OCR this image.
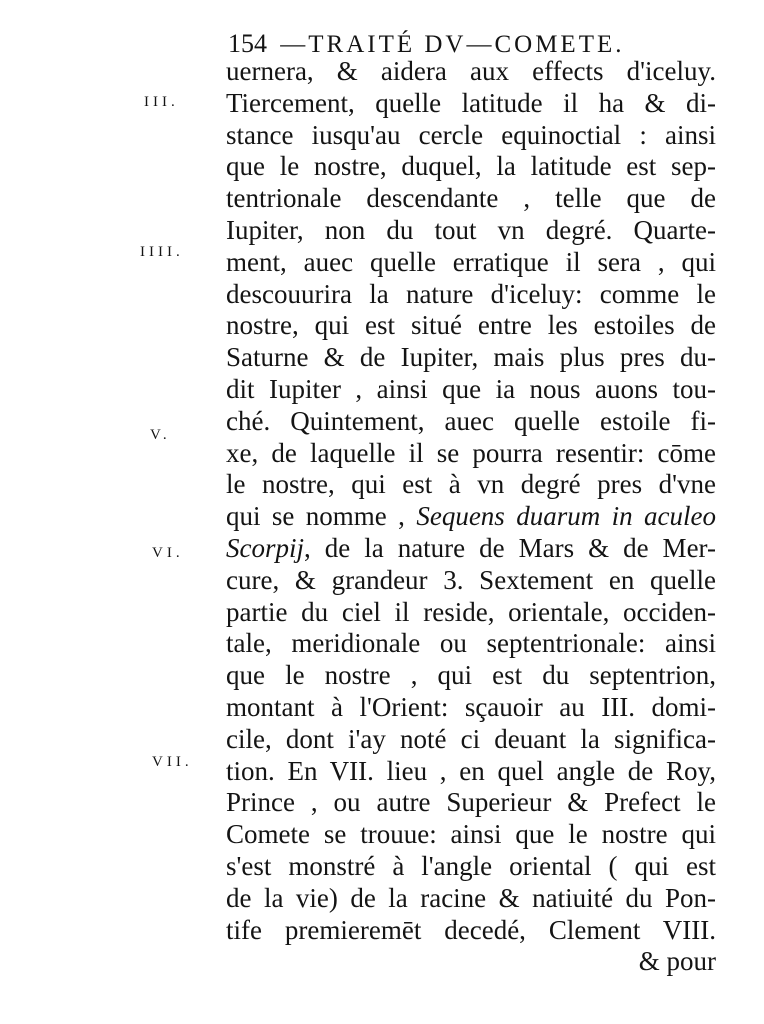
154 —TRAITÉ DV—COMETE.
III.
IIII.
V.
VI.
VII.
uernera, & aidera aux effects d'iceluy.
Tiercement, quelle latitude il ha & di-
stance iusqu'au cercle equinoctial : ainsi
que le nostre, duquel, la latitude est sep-
tentrionale descendante , telle que de
Iupiter, non du tout vn degré. Quarte-
ment, auec quelle erratique il sera , qui
descouurira la nature d'iceluy: comme le
nostre, qui est situé entre les estoiles de
Saturne & de Iupiter, mais plus pres du-
dit Iupiter , ainsi que ia nous auons tou-
ché. Quintement, auec quelle estoile fi-
xe, de laquelle il se pourra resentir: cōme
le nostre, qui est à vn degré pres d'vne
qui se nomme , Sequens duarum in aculeo
Scorpij, de la nature de Mars & de Mer-
cure, & grandeur 3. Sextement en quelle
partie du ciel il reside, orientale, occiden-
tale, meridionale ou septentrionale: ainsi
que le nostre , qui est du septentrion,
montant à l'Orient: sçauoir au III. domi-
cile, dont i'ay noté ci deuant la significa-
tion. En VII. lieu , en quel angle de Roy,
Prince , ou autre Superieur & Prefect le
Comete se trouue: ainsi que le nostre qui
s'est monstré à l'angle oriental ( qui est
de la vie) de la racine & natiuité du Pon-
tife premieremēt decedé, Clement VIII.
& pour
